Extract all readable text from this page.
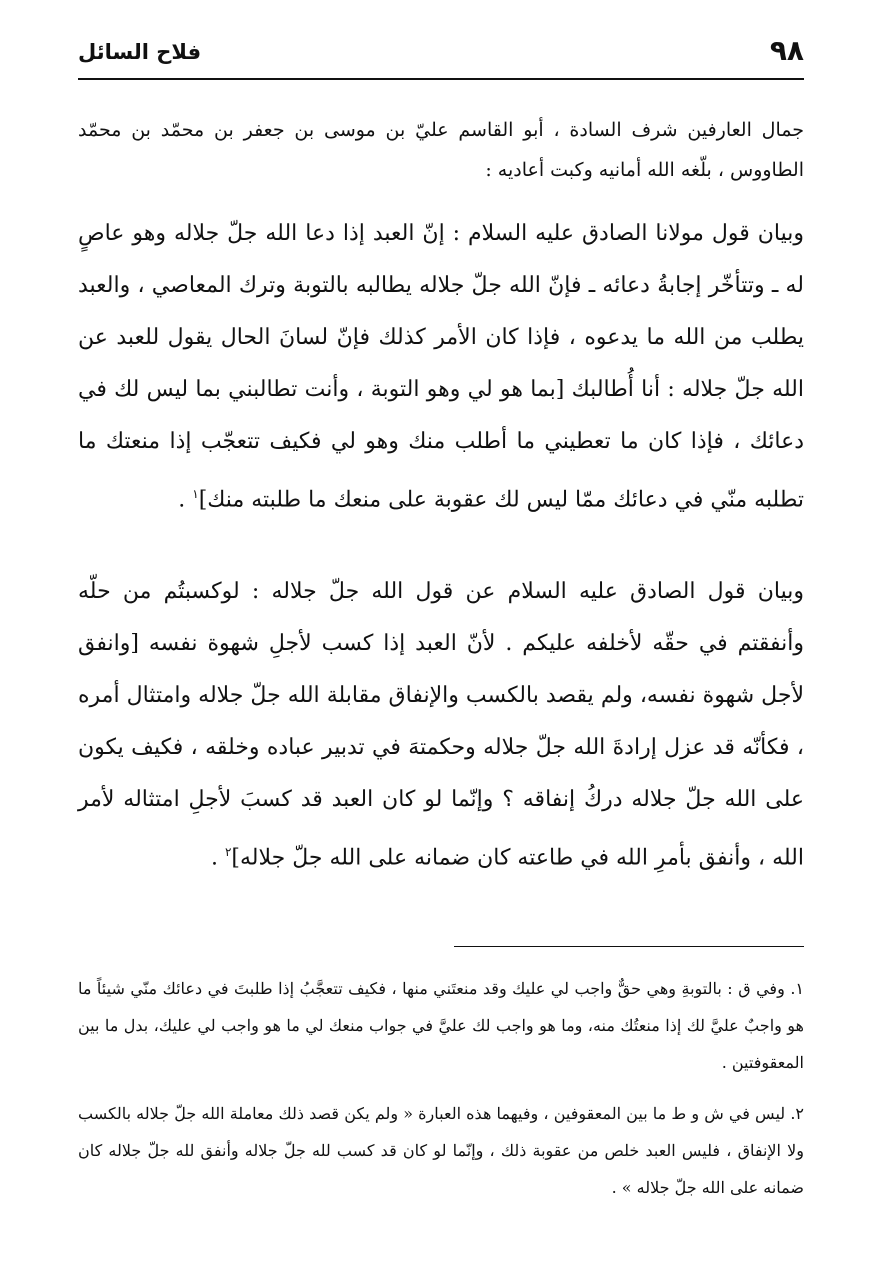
٩٨
فلاح السائل

جمال العارفين شرف السادة ، أبو القاسم عليّ بن موسى بن جعفر بن محمّد بن محمّد الطاووس ، بلّغه الله أمانيه وكبت أعاديه :

وبيان قول مولانا الصادق عليه السلام : إنّ العبد إذا دعا الله جلّ جلاله وهو عاصٍ له ـ وتتأخّر إجابةُ دعائه ـ فإنّ الله جلّ جلاله يطالبه بالتوبة وترك المعاصي ، والعبد يطلب من الله ما يدعوه ، فإذا كان الأمر كذلك فإنّ لسانَ الحال يقول للعبد عن الله جلّ جلاله : أنا أُطالبك [بما هو لي وهو التوبة ، وأنت تطالبني بما ليس لك في دعائك ، فإذا كان ما تعطيني ما أطلب منك وهو لي فكيف تتعجّب إذا منعتك ما تطلبه منّي في دعائك ممّا ليس لك عقوبة على منعك ما طلبته منك]$^١$ .

وبيان قول الصادق عليه السلام عن قول الله جلّ جلاله : لوكسبتُم من حلّه وأنفقتم في حقّه لأخلفه عليكم . لأنّ العبد إذا كسب لأجلِ شهوة نفسه [وانفق لأجل شهوة نفسه، ولم يقصد بالكسب والإنفاق مقابلة الله جلّ جلاله وامتثال أمره ، فكأنّه قد عزل إرادةَ الله جلّ جلاله وحكمتهَ في تدبير عباده وخلقه ، فكيف يكون على الله جلّ جلاله دركُ إنفاقه ؟ وإنّما لو كان العبد قد كسبَ لأجلِ امتثاله لأمر الله ، وأنفق بأمرِ الله في طاعته كان ضمانه على الله جلّ جلاله]$^٢$ .

١. وفي ق : بالتوبةِ وهي حقٌّ واجب لي عليك وقد منعتَني منها ، فكيف تتعجَّبُ إذا طلبتَ في دعائك منّي شيئاً ما هو واجبٌ عليَّ لك إذا منعتُك منه، وما هو واجب لك عليَّ في جواب منعك لي ما هو واجب لي عليك، بدل ما بين المعقوفتين .

٢. ليس في ش و ط ما بين المعقوفين ، وفيهما هذه العبارة « ولم يكن قصد ذلك معاملة الله جلّ جلاله بالكسب ولا الإنفاق ، فليس العبد خلص من عقوبة ذلك ، وإنّما لو كان قد كسب لله جلّ جلاله وأنفق لله جلّ جلاله كان ضمانه على الله جلّ جلاله » .
